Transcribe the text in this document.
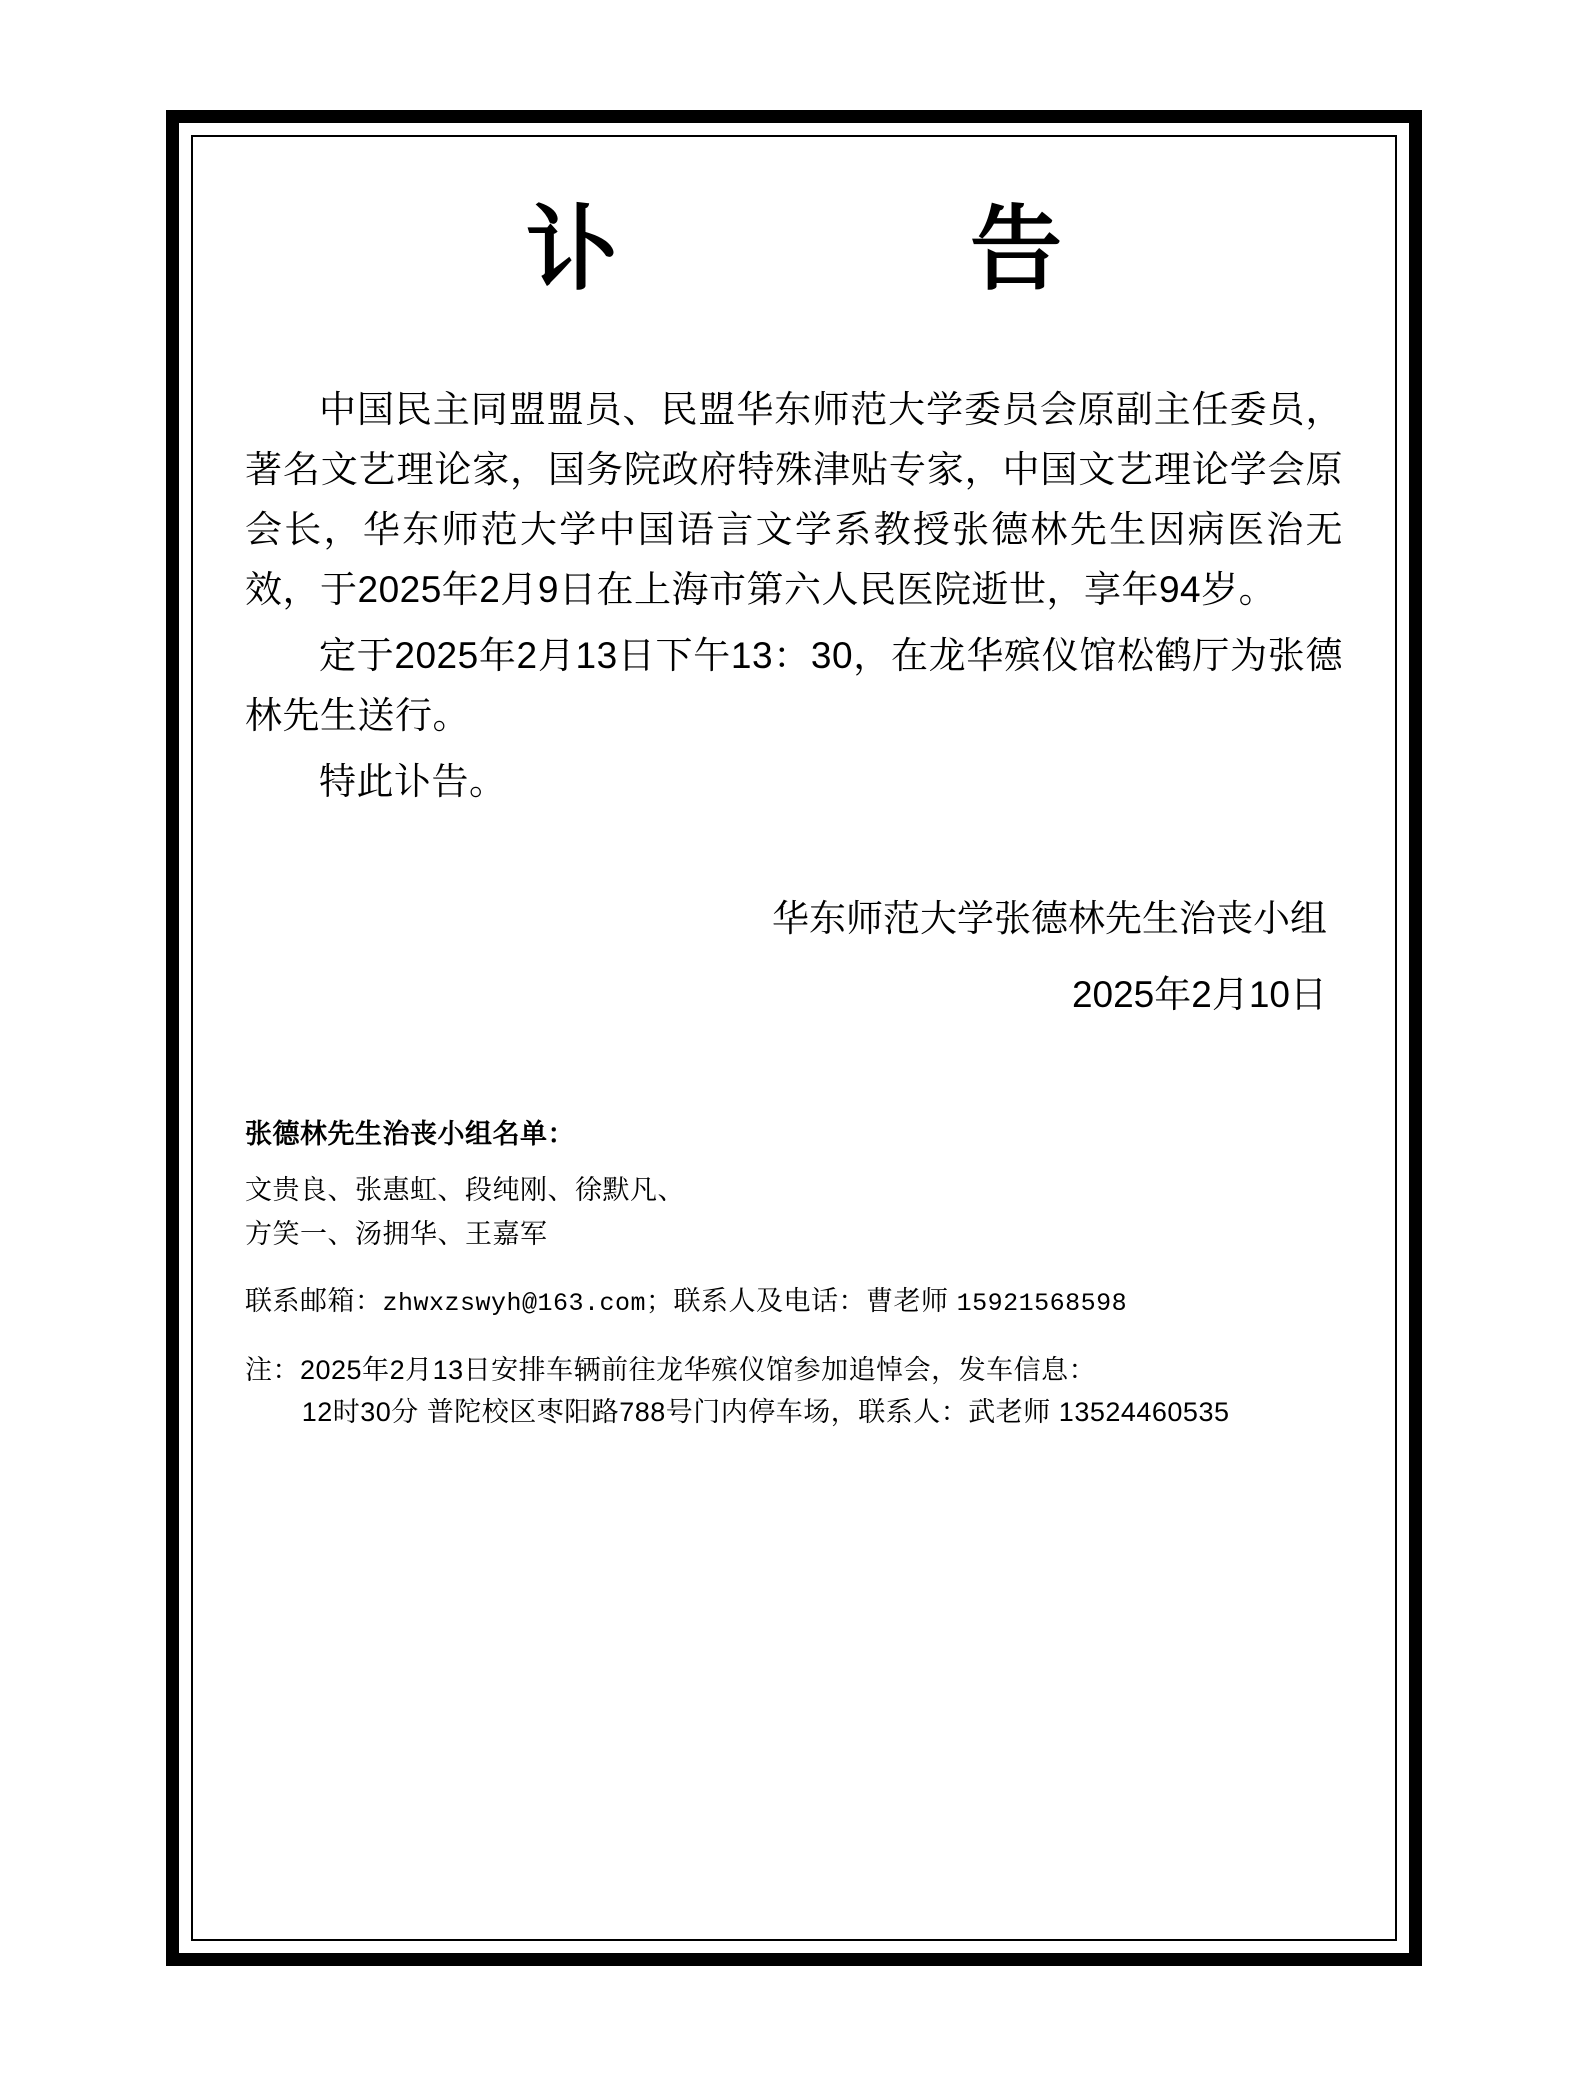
讣　　告

中国民主同盟盟员、民盟华东师范大学委员会原副主任委员，著名文艺理论家，国务院政府特殊津贴专家，中国文艺理论学会原会长，华东师范大学中国语言文学系教授张德林先生因病医治无效，于2025年2月9日在上海市第六人民医院逝世，享年94岁。

定于2025年2月13日下午13：30，在龙华殡仪馆松鹤厅为张德林先生送行。

特此讣告。

华东师范大学张德林先生治丧小组
2025年2月10日
张德林先生治丧小组名单：
文贵良、张惠虹、段纯刚、徐默凡、
方笑一、汤拥华、王嘉军
联系邮箱：zhwxzswyh@163.com；联系人及电话：曹老师 15921568598
注：2025年2月13日安排车辆前往龙华殡仪馆参加追悼会，发车信息：
12时30分 普陀校区枣阳路788号门内停车场，联系人：武老师 13524460535
